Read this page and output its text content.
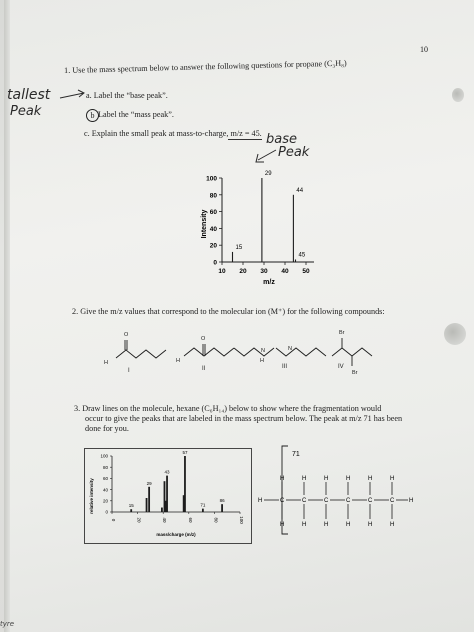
10
1. Use the mass spectrum below to answer the following questions for propane (C₃H₈)
a. Label the “base peak”.
Label the “mass peak”.
b
c. Explain the small peak at mass-to-charge, m/z = 45.
tallest
Peak
base
Peak
Intensity
100
80
60
40
20
0
10 20 30 40 50
15
29
44
45
m/z
2. Give the m/z values that correspond to the molecular ion (M⁺) for the following compounds:
O
H
O
H
N	N
H
Br
Br
I	II	III	IV
3. Draw lines on the molecule, hexane (C₆H₁₄) below to show where the fragmentation would
occur to give the peaks that are labeled in the mass spectrum below. The peak at m/z 71 has been
done for you.
relative intensity
100
80
60
40
20
0
0	20	40	60	80	100
15
29
43
57
71
86
mass/charge (m/z)
71
H	C
H
H
C
H
H
C
H
H
C
H
H
C
H
H
C
H
H
H
tyre
